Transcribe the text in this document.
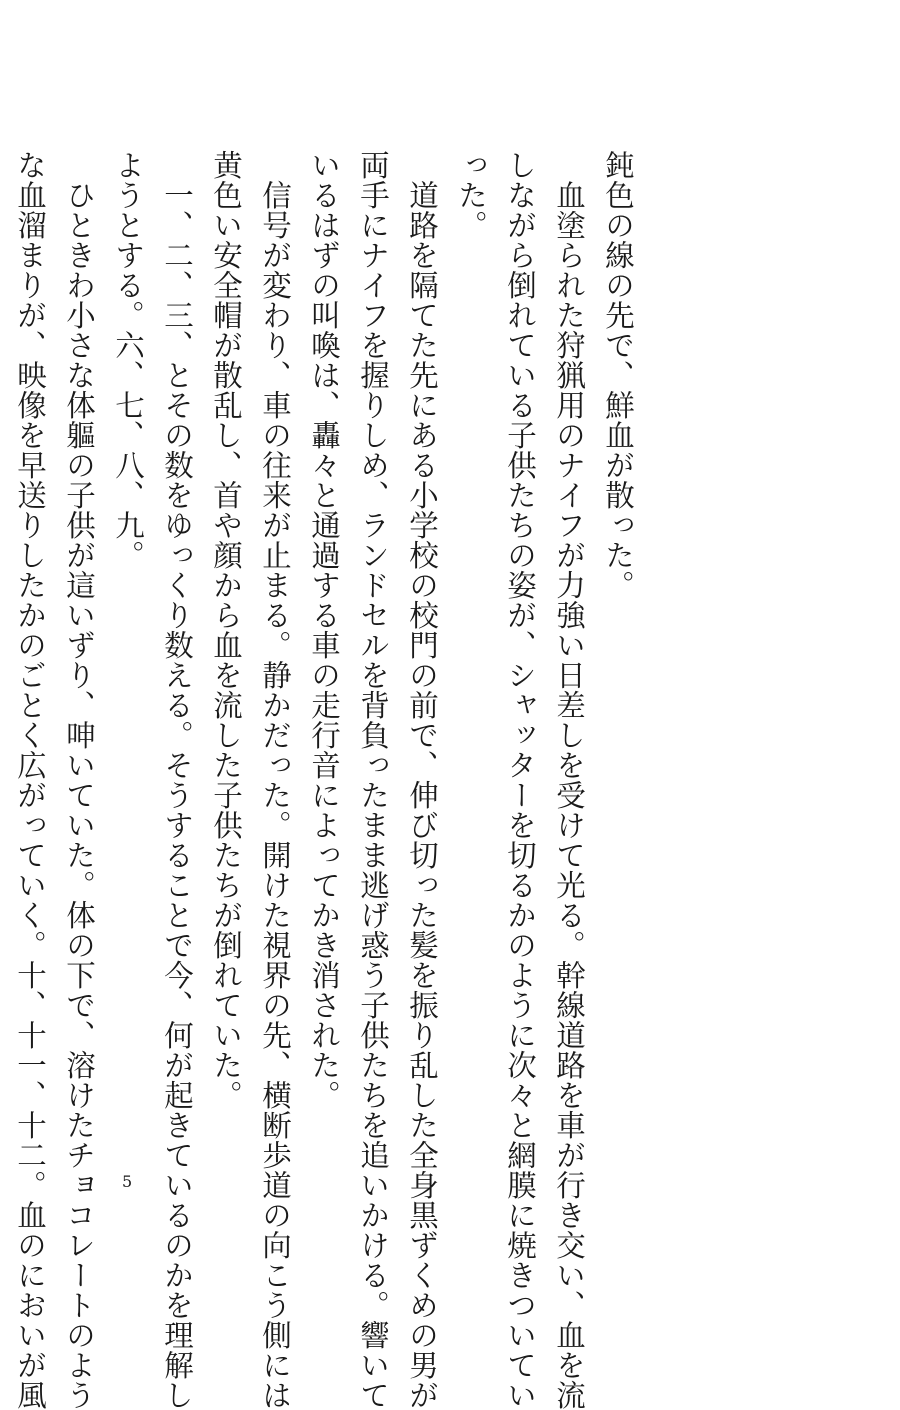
鈍色の線の先で、鮮血が散った。
　血塗られた狩猟用のナイフが力強い日差しを受けて光る。幹線道路を車が行き交い、血を流
しながら倒れている子供たちの姿が、シャッターを切るかのように次々と網膜に焼きついてい
った。
　道路を隔てた先にある小学校の校門の前で、伸び切った髪を振り乱した全身黒ずくめの男が
両手にナイフを握りしめ、ランドセルを背負ったまま逃げ惑う子供たちを追いかける。響いて
いるはずの叫喚は、轟々と通過する車の走行音によってかき消された。
　信号が変わり、車の往来が止まる。静かだった。開けた視界の先、横断歩道の向こう側には
黄色い安全帽が散乱し、首や顔から血を流した子供たちが倒れていた。
　一、二、三、とその数をゆっくり数える。そうすることで今、何が起きているのかを理解し
ようとする。六、七、八、九。
　ひときわ小さな体軀の子供が這いずり、呻いていた。体の下で、溶けたチョコレートのよう
な血溜まりが、映像を早送りしたかのごとく広がっていく。十、十一、十二。血のにおいが風	5
